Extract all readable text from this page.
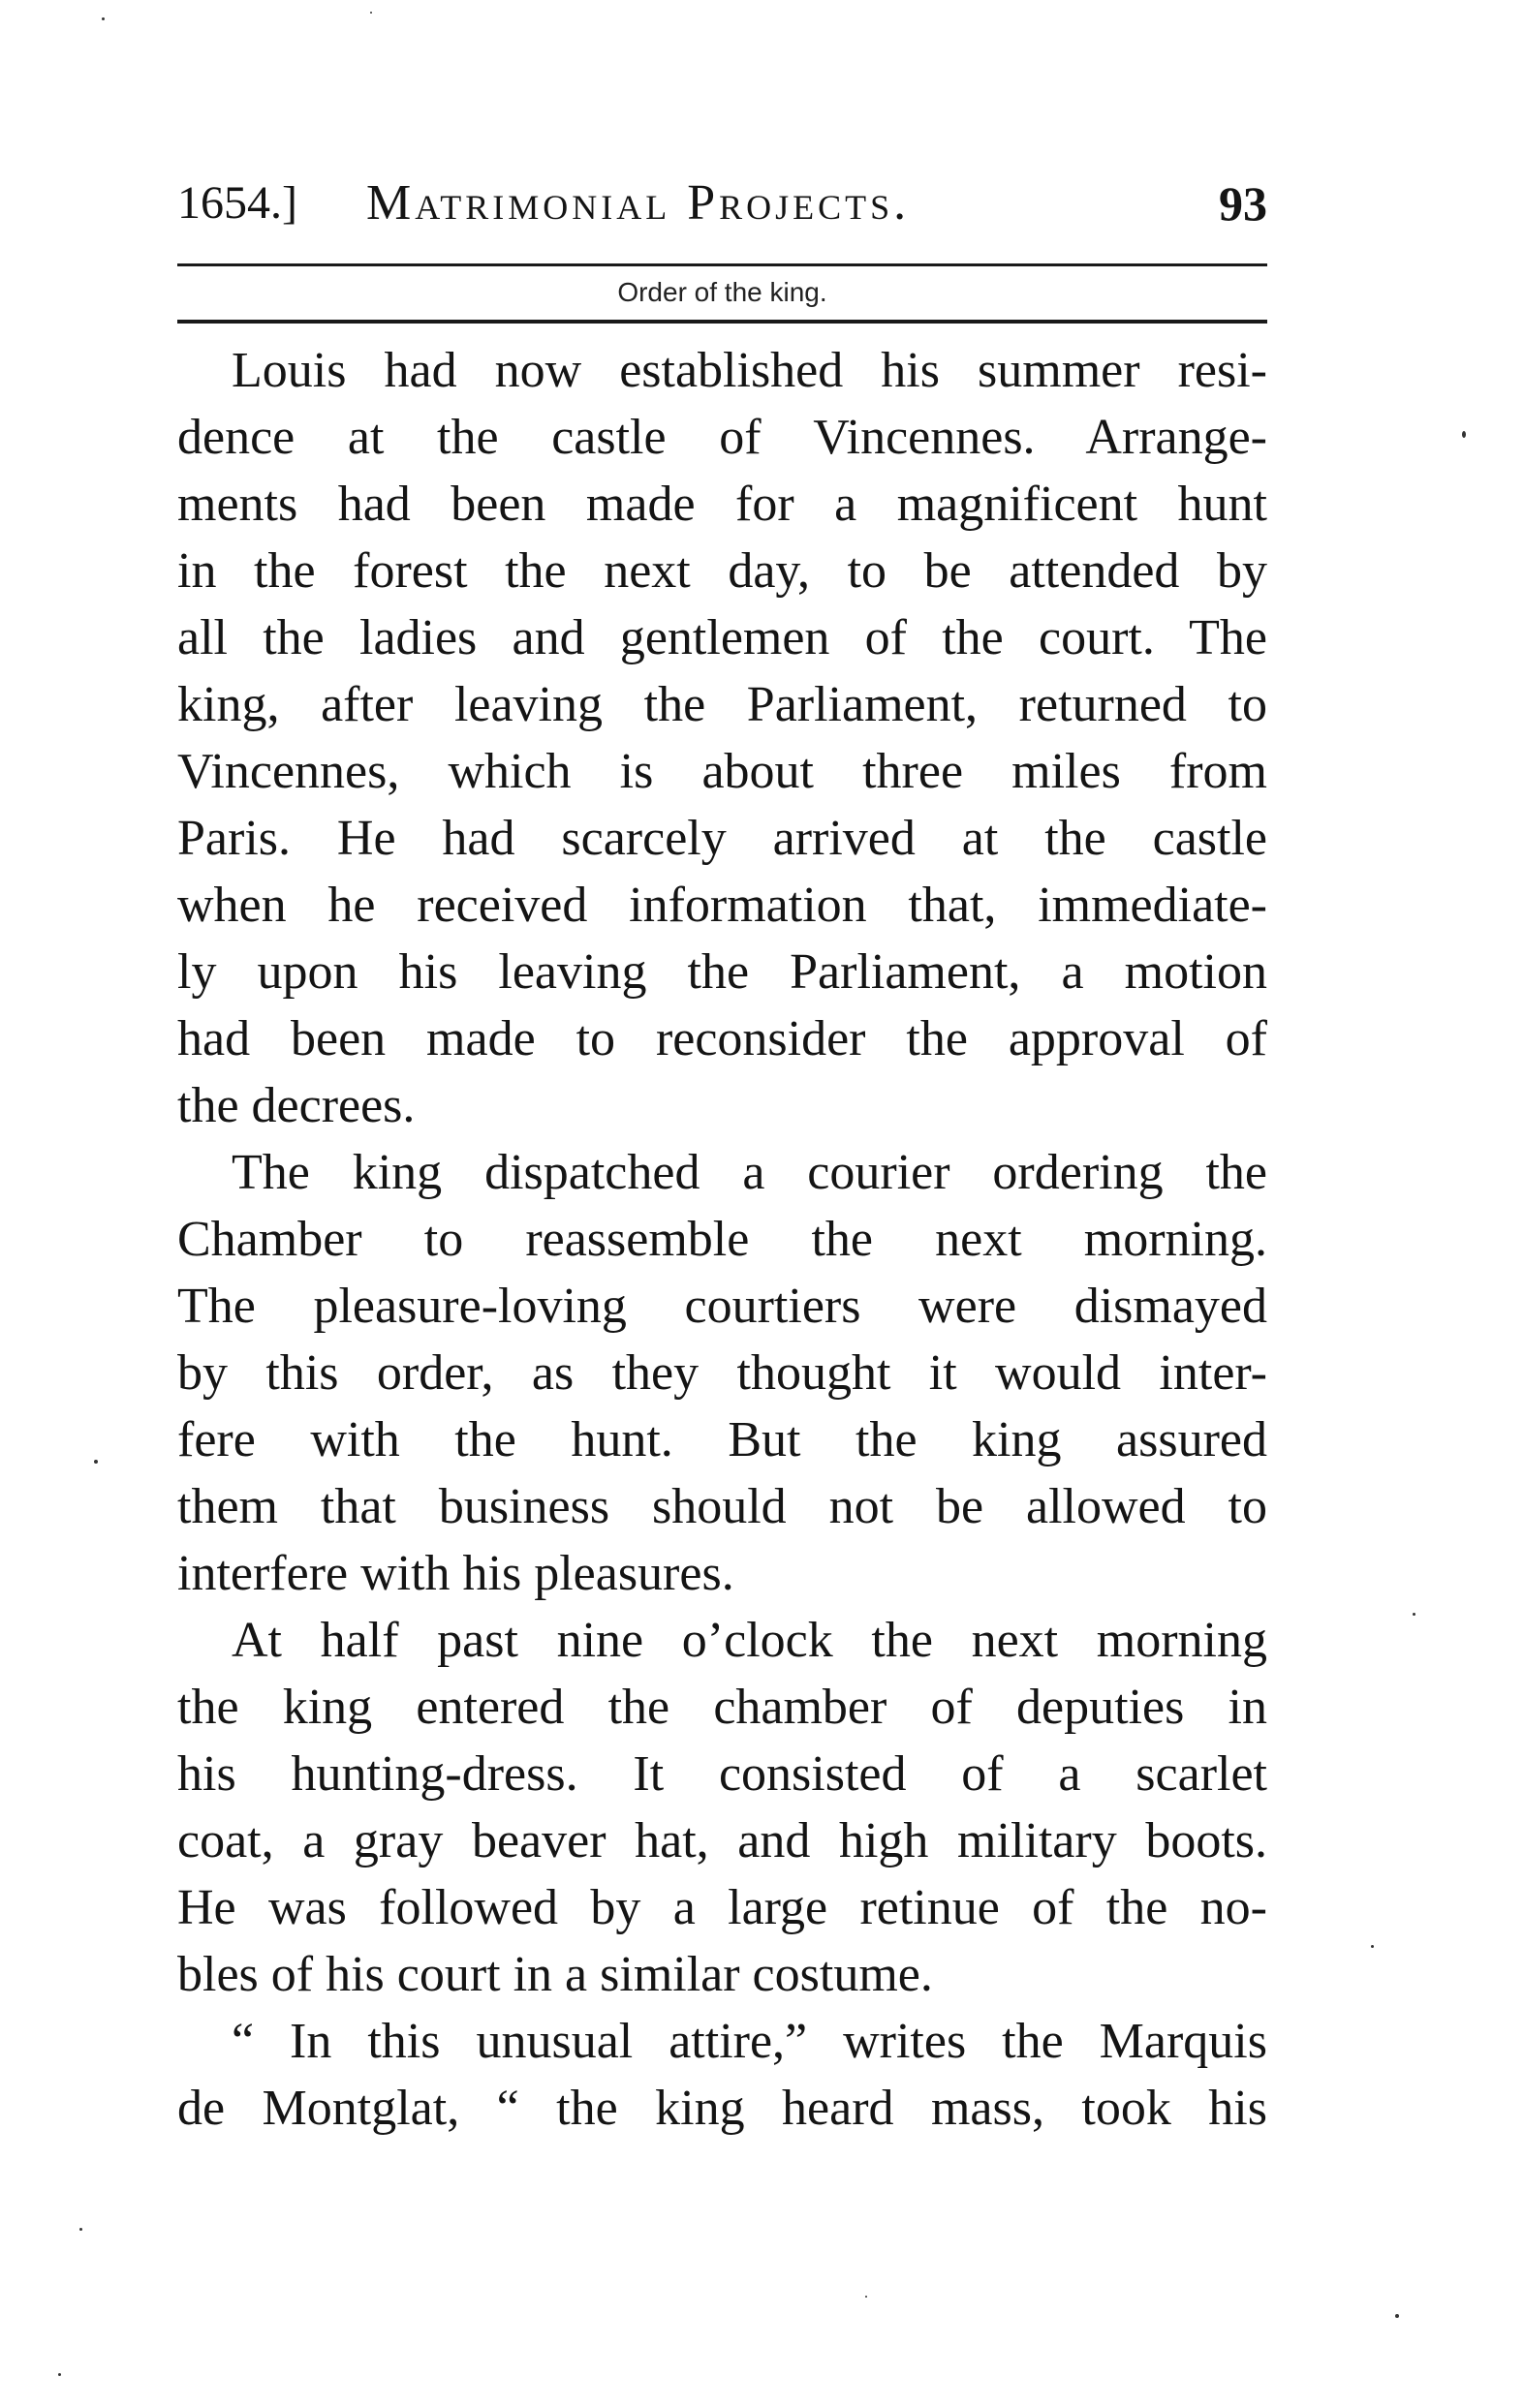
1654.] Matrimonial Projects.	93
Order of the king.
Louis had now established his summer resi-
dence at the castle of Vincennes. Arrange-
ments had been made for a magnificent hunt
in the forest the next day, to be attended by
all the ladies and gentlemen of the court. The
king, after leaving the Parliament, returned to
Vincennes, which is about three miles from
Paris. He had scarcely arrived at the castle
when he received information that, immediate-
ly upon his leaving the Parliament, a motion
had been made to reconsider the approval of
the decrees.
The king dispatched a courier ordering the
Chamber to reassemble the next morning.
The pleasure-loving courtiers were dismayed
by this order, as they thought it would inter-
fere with the hunt. But the king assured
them that business should not be allowed to
interfere with his pleasures.
At half past nine o’clock the next morning
the king entered the chamber of deputies in
his hunting-dress. It consisted of a scarlet
coat, a gray beaver hat, and high military boots.
He was followed by a large retinue of the no-
bles of his court in a similar costume.
“ In this unusual attire,” writes the Marquis
de Montglat, “ the king heard mass, took his
